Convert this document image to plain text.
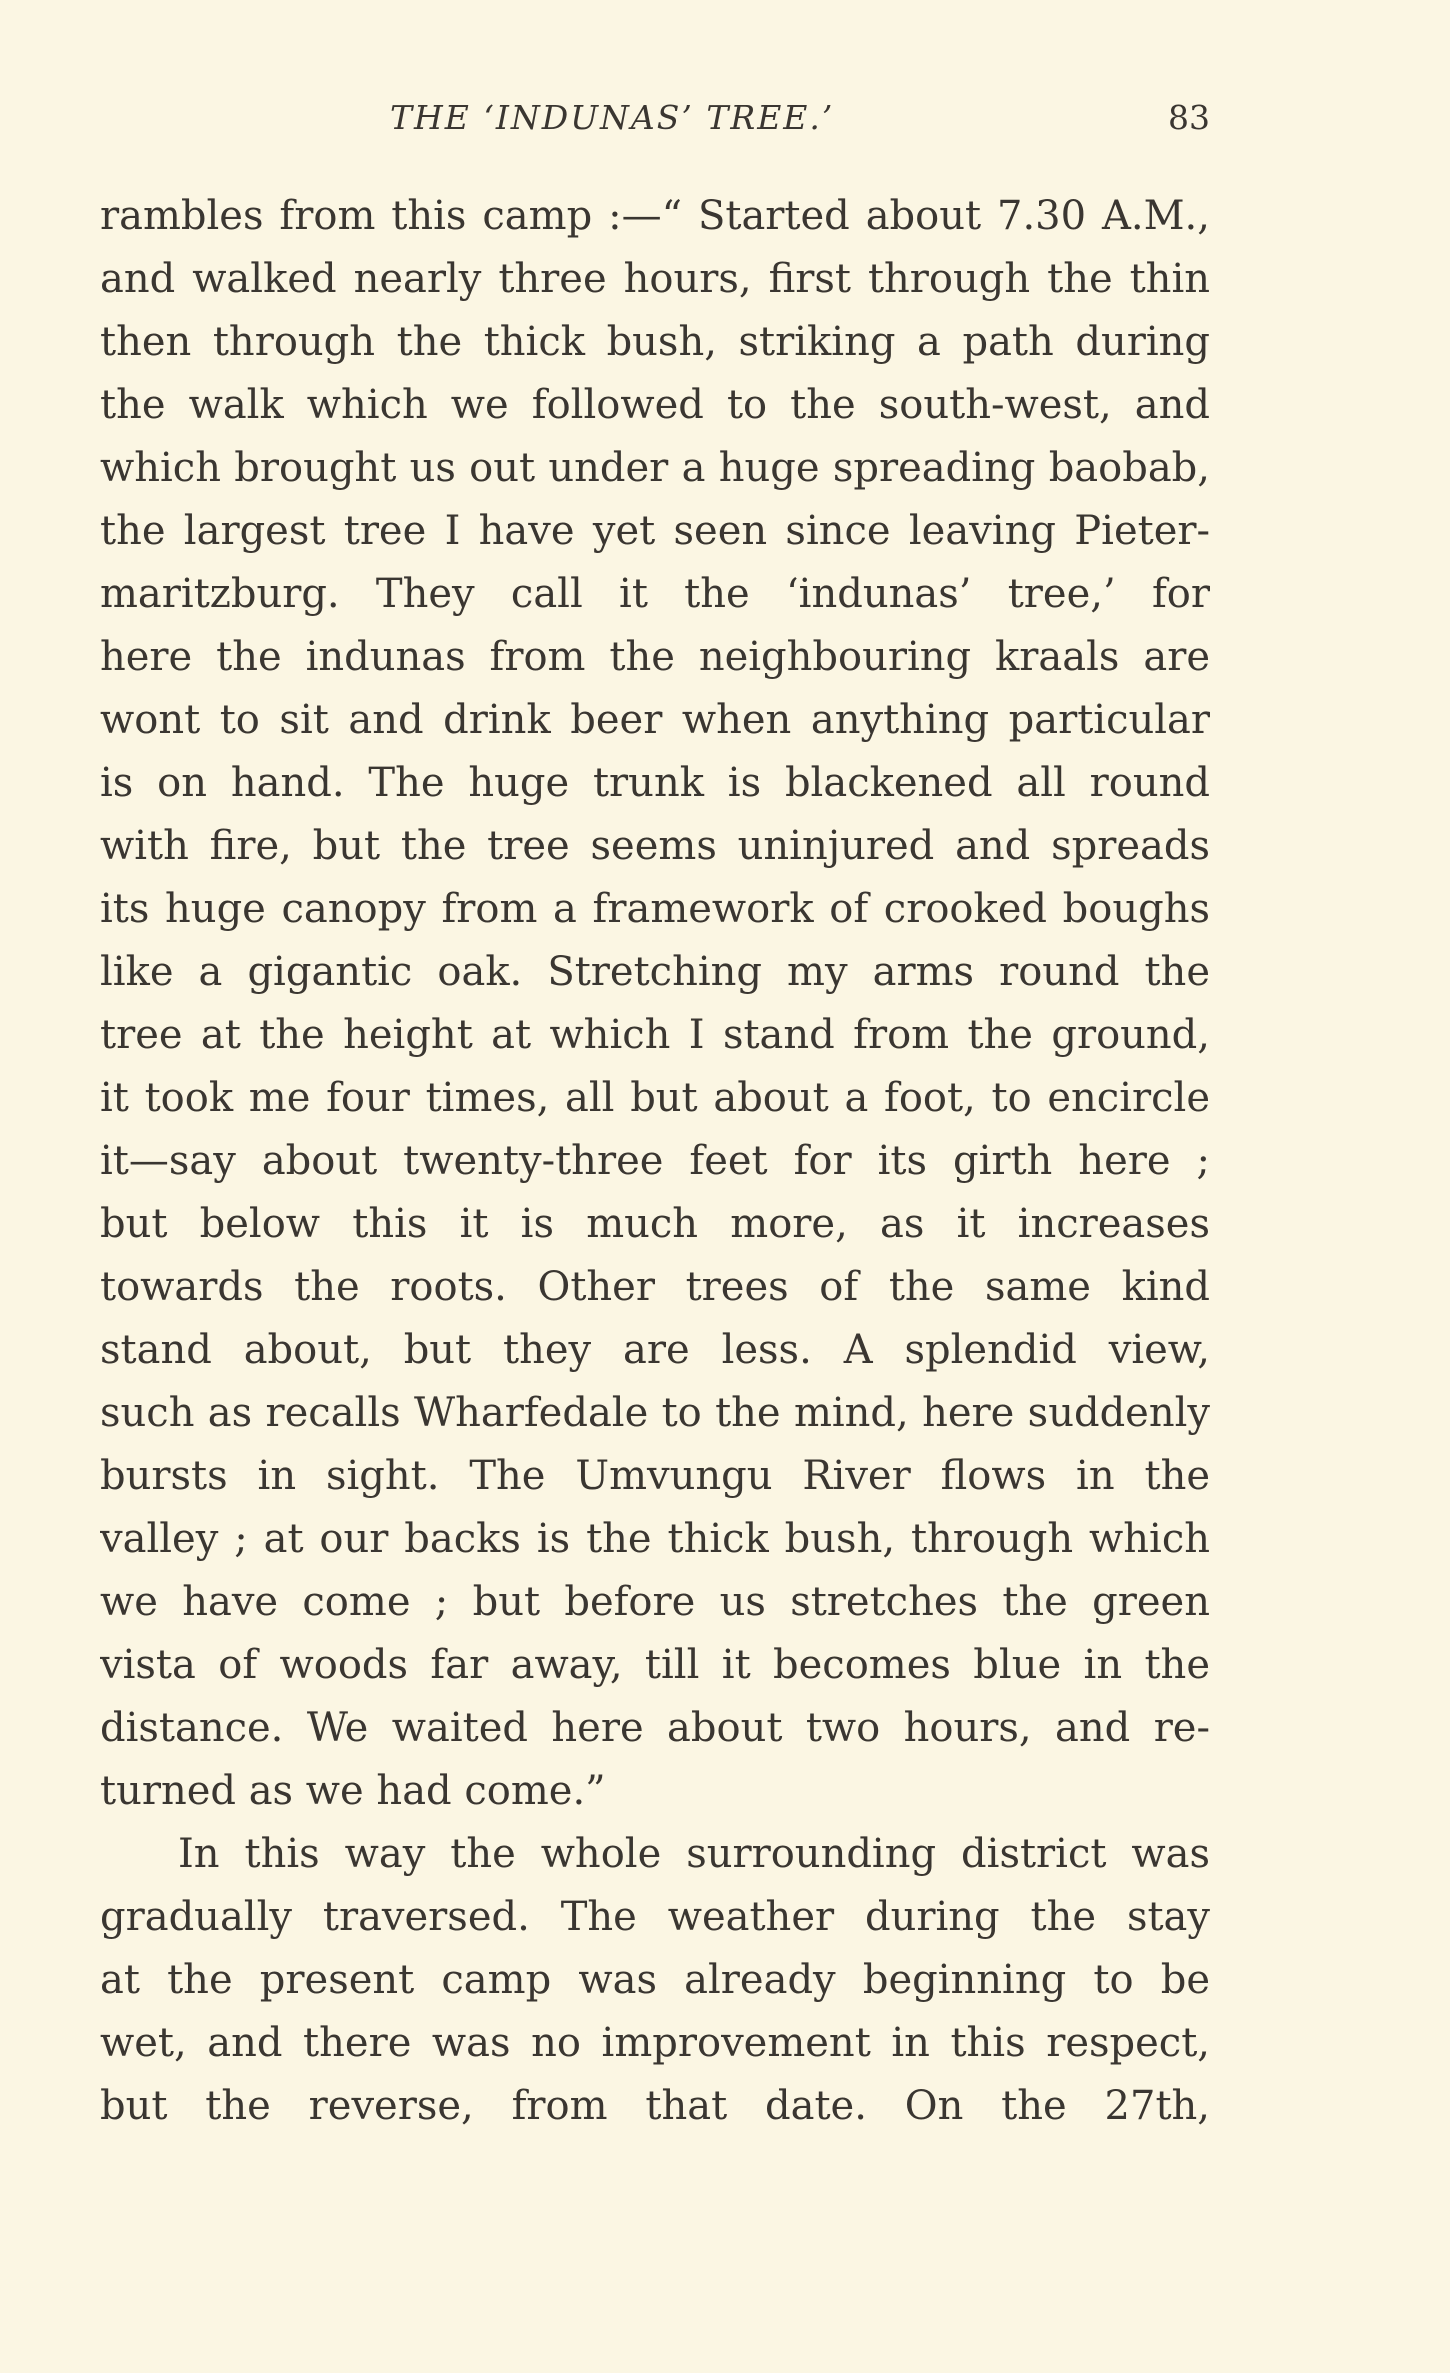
THE ‘INDUNAS’ TREE.’	83
rambles from this camp :—“ Started about 7.30 A.M.,
and walked nearly three hours, first through the thin
then through the thick bush, striking a path during
the walk which we followed to the south-west, and
which brought us out under a huge spreading baobab,
the largest tree I have yet seen since leaving Pieter-
maritzburg. They call it the ‘indunas’ tree,’ for
here the indunas from the neighbouring kraals are
wont to sit and drink beer when anything particular
is on hand. The huge trunk is blackened all round
with fire, but the tree seems uninjured and spreads
its huge canopy from a framework of crooked boughs
like a gigantic oak. Stretching my arms round the
tree at the height at which I stand from the ground,
it took me four times, all but about a foot, to encircle
it—say about twenty-three feet for its girth here ;
but below this it is much more, as it increases
towards the roots. Other trees of the same kind
stand about, but they are less. A splendid view,
such as recalls Wharfedale to the mind, here suddenly
bursts in sight. The Umvungu River flows in the
valley ; at our backs is the thick bush, through which
we have come ; but before us stretches the green
vista of woods far away, till it becomes blue in the
distance. We waited here about two hours, and re-
turned as we had come.”
In this way the whole surrounding district was
gradually traversed. The weather during the stay
at the present camp was already beginning to be
wet, and there was no improvement in this respect,
but the reverse, from that date. On the 27th,
